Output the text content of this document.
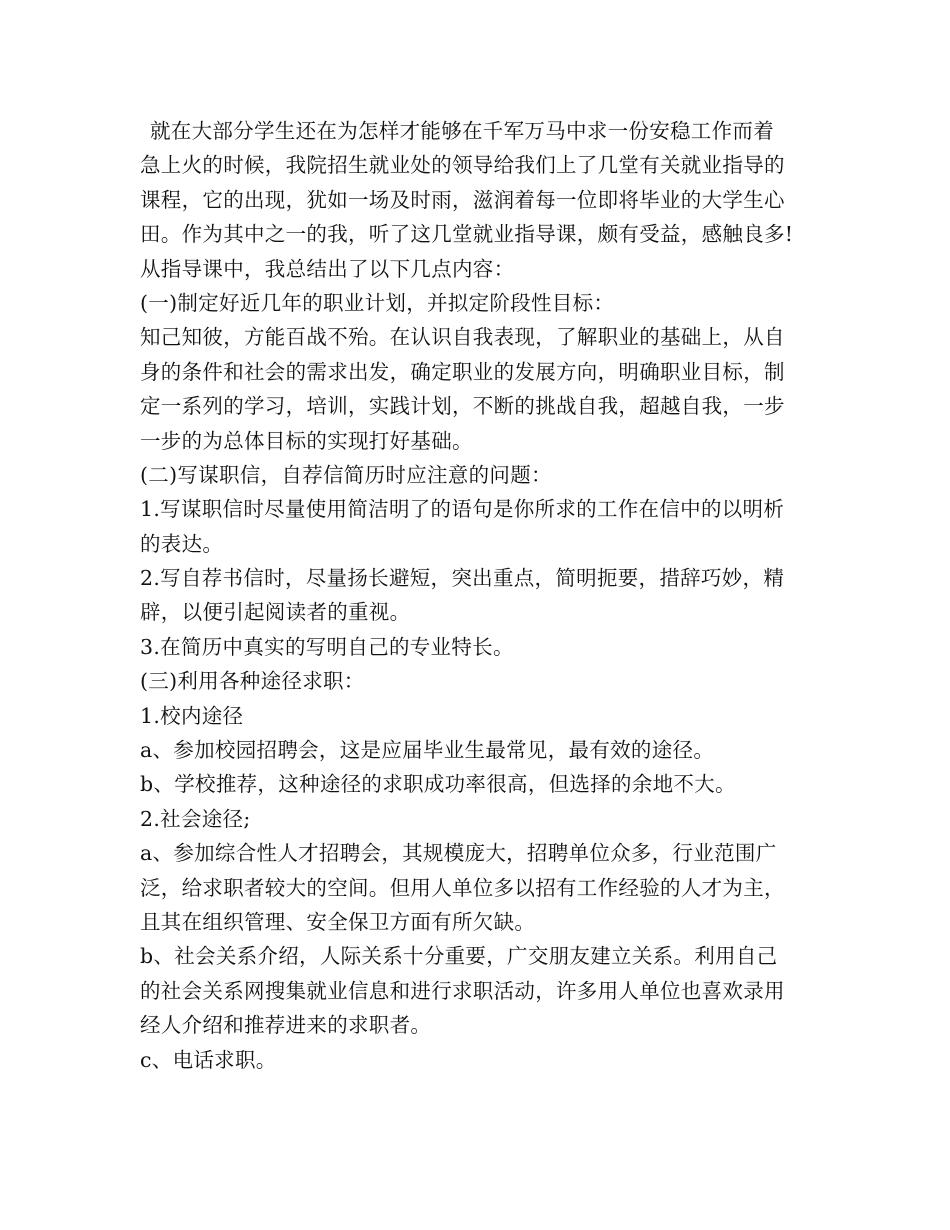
就在大部分学生还在为怎样才能够在千军万马中求一份安稳工作而着
急上火的时候，我院招生就业处的领导给我们上了几堂有关就业指导的
课程，它的出现，犹如一场及时雨，滋润着每一位即将毕业的大学生心
田。作为其中之一的我，听了这几堂就业指导课，颇有受益，感触良多!
从指导课中，我总结出了以下几点内容：
(一)制定好近几年的职业计划，并拟定阶段性目标：
知己知彼，方能百战不殆。在认识自我表现，了解职业的基础上，从自
身的条件和社会的需求出发，确定职业的发展方向，明确职业目标，制
定一系列的学习，培训，实践计划，不断的挑战自我，超越自我，一步
一步的为总体目标的实现打好基础。
(二)写谋职信，自荐信简历时应注意的问题：
1.写谋职信时尽量使用简洁明了的语句是你所求的工作在信中的以明析
的表达。
2.写自荐书信时，尽量扬长避短，突出重点，简明扼要，措辞巧妙，精
辟，以便引起阅读者的重视。
3.在简历中真实的写明自己的专业特长。
(三)利用各种途径求职：
1.校内途径
a、参加校园招聘会，这是应届毕业生最常见，最有效的途径。
b、学校推荐，这种途径的求职成功率很高，但选择的余地不大。
2.社会途径;
a、参加综合性人才招聘会，其规模庞大，招聘单位众多，行业范围广
泛，给求职者较大的空间。但用人单位多以招有工作经验的人才为主，
且其在组织管理、安全保卫方面有所欠缺。
b、社会关系介绍，人际关系十分重要，广交朋友建立关系。利用自己
的社会关系网搜集就业信息和进行求职活动，许多用人单位也喜欢录用
经人介绍和推荐进来的求职者。
c、电话求职。
